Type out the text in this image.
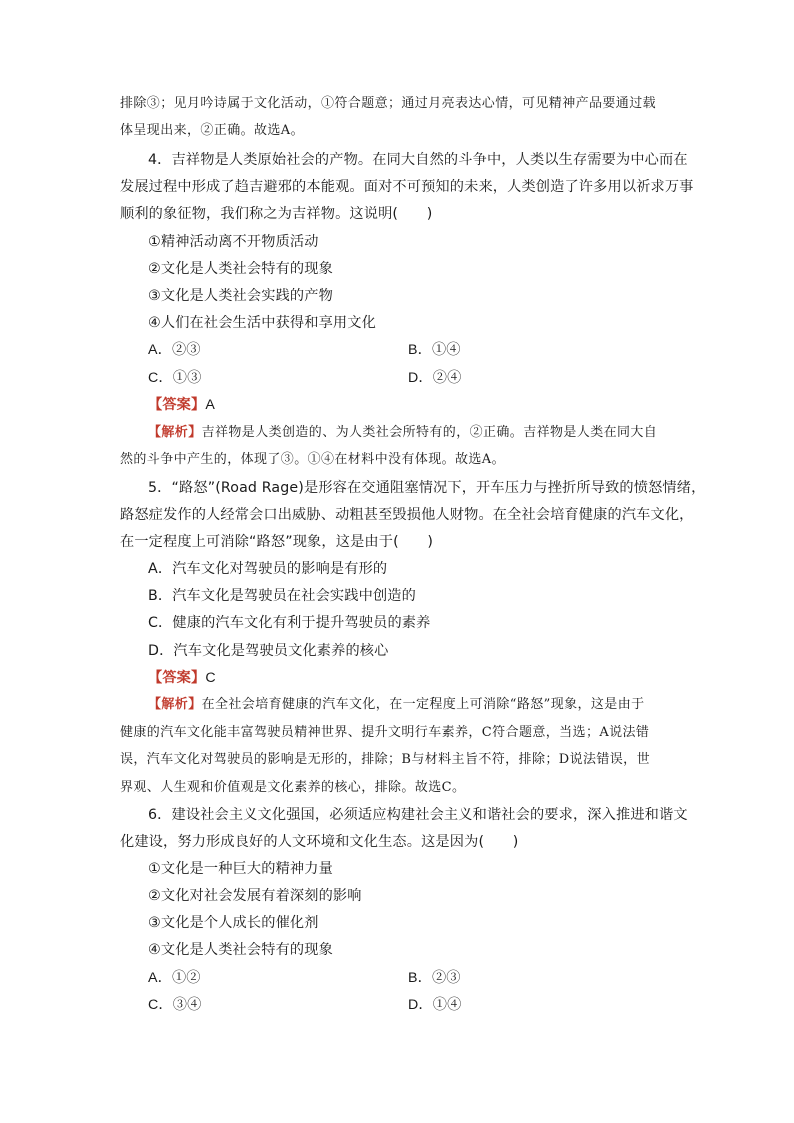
排除③；见月吟诗属于文化活动，①符合题意；通过月亮表达心情，可见精神产品要通过载
体呈现出来，②正确。故选A。
4．吉祥物是人类原始社会的产物。在同大自然的斗争中，人类以生存需要为中心而在
发展过程中形成了趋吉避邪的本能观。面对不可预知的未来，人类创造了许多用以祈求万事
顺利的象征物，我们称之为吉祥物。这说明(　　)
①精神活动离不开物质活动
②文化是人类社会特有的现象
③文化是人类社会实践的产物
④人们在社会生活中获得和享用文化
A．②③	B．①④
C．①③	D．②④
【答案】A
【解析】吉祥物是人类创造的、为人类社会所特有的，②正确。吉祥物是人类在同大自
然的斗争中产生的，体现了③。①④在材料中没有体现。故选A。
5．“路怒”(Road Rage)是形容在交通阻塞情况下，开车压力与挫折所导致的愤怒情绪，
路怒症发作的人经常会口出威胁、动粗甚至毁损他人财物。在全社会培育健康的汽车文化，
在一定程度上可消除“路怒”现象，这是由于(　　)
A．汽车文化对驾驶员的影响是有形的
B．汽车文化是驾驶员在社会实践中创造的
C．健康的汽车文化有利于提升驾驶员的素养
D．汽车文化是驾驶员文化素养的核心
【答案】C
【解析】在全社会培育健康的汽车文化，在一定程度上可消除“路怒”现象，这是由于
健康的汽车文化能丰富驾驶员精神世界、提升文明行车素养，C符合题意，当选；A说法错
误，汽车文化对驾驶员的影响是无形的，排除；B与材料主旨不符，排除；D说法错误，世
界观、人生观和价值观是文化素养的核心，排除。故选C。
6．建设社会主义文化强国，必须适应构建社会主义和谐社会的要求，深入推进和谐文
化建设，努力形成良好的人文环境和文化生态。这是因为(　　)
①文化是一种巨大的精神力量
②文化对社会发展有着深刻的影响
③文化是个人成长的催化剂
④文化是人类社会特有的现象
A．①②	B．②③
C．③④	D．①④
